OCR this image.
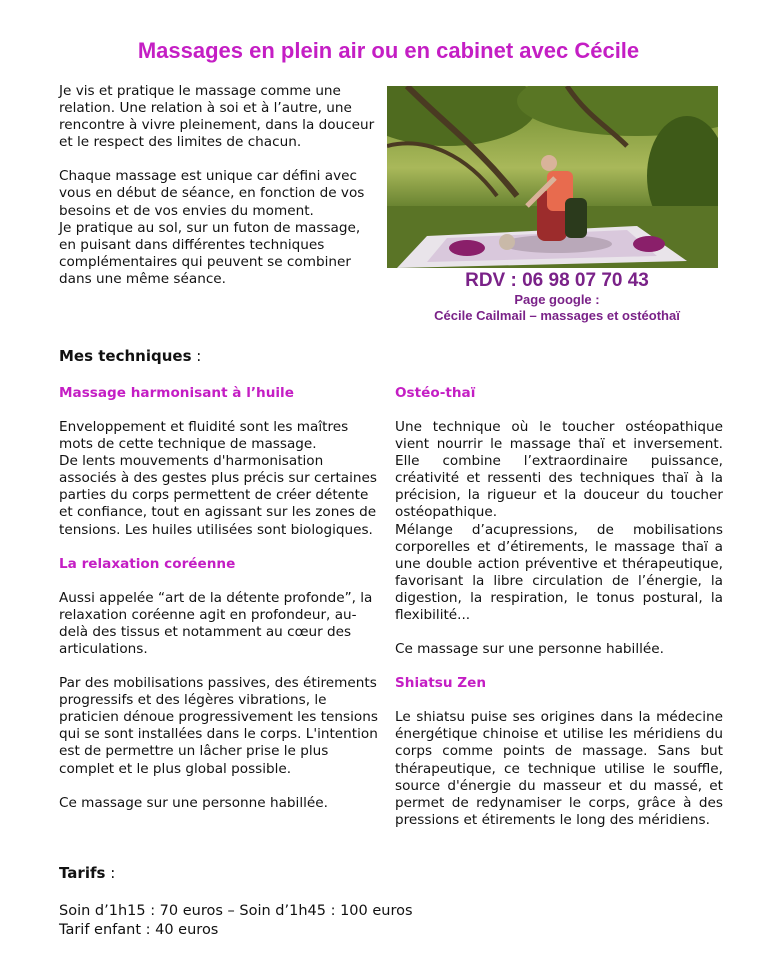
Massages en plein air ou en cabinet avec Cécile

Je vis et pratique le massage comme une relation. Une relation à soi et à l’autre, une rencontre à vivre pleinement, dans la douceur et le respect des limites de chacun.

Chaque massage est unique car défini avec vous en début de séance, en fonction de vos besoins et de vos envies du moment.

Je pratique au sol, sur un futon de massage, en puisant dans différentes techniques complémentaires qui peuvent se combiner dans une même séance.	RDV : 06 98 07 70 43
Page google :
Cécile Cailmail – massages et ostéothaï
Mes techniques :

Massage harmonisant à l’huile

Enveloppement et fluidité sont les maîtres mots de cette technique de massage.

De lents mouvements d'harmonisation associés à des gestes plus précis sur certaines parties du corps permettent de créer détente et confiance, tout en agissant sur les zones de tensions. Les huiles utilisées sont biologiques.

La relaxation coréenne

Aussi appelée “art de la détente profonde”, la relaxation coréenne agit en profondeur, au-delà des tissus et notamment au cœur des articulations.

Par des mobilisations passives, des étirements progressifs et des légères vibrations, le praticien dénoue progressivement les tensions qui se sont installées dans le corps. L'intention est de permettre un lâcher prise le plus complet et le plus global possible.

Ce massage sur une personne habillée.

Ostéo-thaï

Une technique où le toucher ostéopathique vient nourrir le massage thaï et inversement. Elle combine l’extraordinaire puissance, créativité et ressenti des techniques thaï à la précision, la rigueur et la douceur du toucher ostéopathique.

Mélange d’acupressions, de mobilisations corporelles et d’étirements, le massage thaï a une double action préventive et thérapeutique, favorisant la libre circulation de l’énergie, la digestion, la respiration, le tonus postural, la flexibilité...

Ce massage sur une personne habillée.

Shiatsu Zen

Le shiatsu puise ses origines dans la médecine énergétique chinoise et utilise les méridiens du corps comme points de massage. Sans but thérapeutique, ce technique utilise le souffle, source d'énergie du masseur et du massé, et permet de redynamiser le corps, grâce à des pressions et étirements le long des méridiens.

Tarifs :

Soin d’1h15 : 70 euros – Soin d’1h45 : 100 euros

Tarif enfant : 40 euros
